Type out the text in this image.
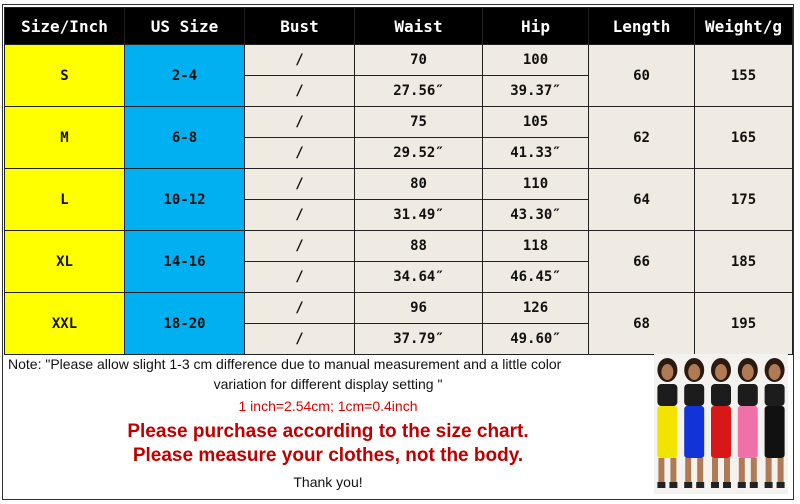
Size/Inch	US Size	Bust	Waist	Hip	Length	Weight/g
S	2-4	/	70	100	60	155
		/	27.56″	39.37″		
M	6-8	/	75	105	62	165
		/	29.52″	41.33″		
L	10-12	/	80	110	64	175
		/	31.49″	43.30″		
XL	14-16	/	88	118	66	185
		/	34.64″	46.45″		
XXL	18-20	/	96	126	68	195
		/	37.79″	49.60″		
Note: "Please allow slight 1-3 cm difference due to manual measurement and a little color
variation for different display setting "
1 inch=2.54cm; 1cm=0.4inch
Please purchase according to the size chart.
Please measure your clothes, not the body.
Thank you!
